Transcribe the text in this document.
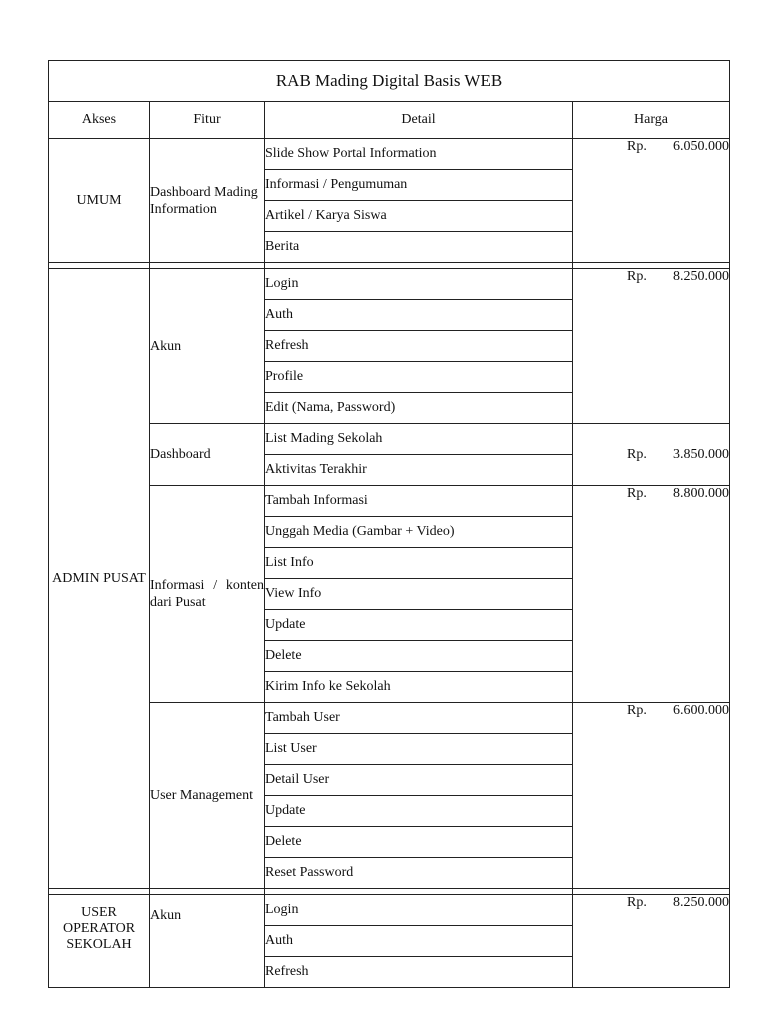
RAB Mading Digital Basis WEB			
Akses	Fitur	Detail	Harga
UMUM	Dashboard Mading Information	Slide Show Portal Information	Rp. 6.050.000

		Informasi / Pengumuman	
		Artikel / Karya Siswa	
		Berita	

ADMIN PUSAT	Akun	Login	Rp. 8.250.000

		Auth	
		Refresh	
		Profile	
		Edit (Nama, Password)	
	Dashboard	List Mading Sekolah	Rp. 3.850.000

		Aktivitas Terakhir	
	Informasi / konten dari Pusat	Tambah Informasi	Rp. 8.800.000

		Unggah Media (Gambar + Video)	
		List Info	
		View Info	
		Update	
		Delete	
		Kirim Info ke Sekolah	
	User Management	Tambah User	Rp. 6.600.000

		List User	
		Detail User	
		Update	
		Delete	
		Reset Password	

USER OPERATOR SEKOLAH	Akun	Login	Rp. 8.250.000

		Auth	
		Refresh	
